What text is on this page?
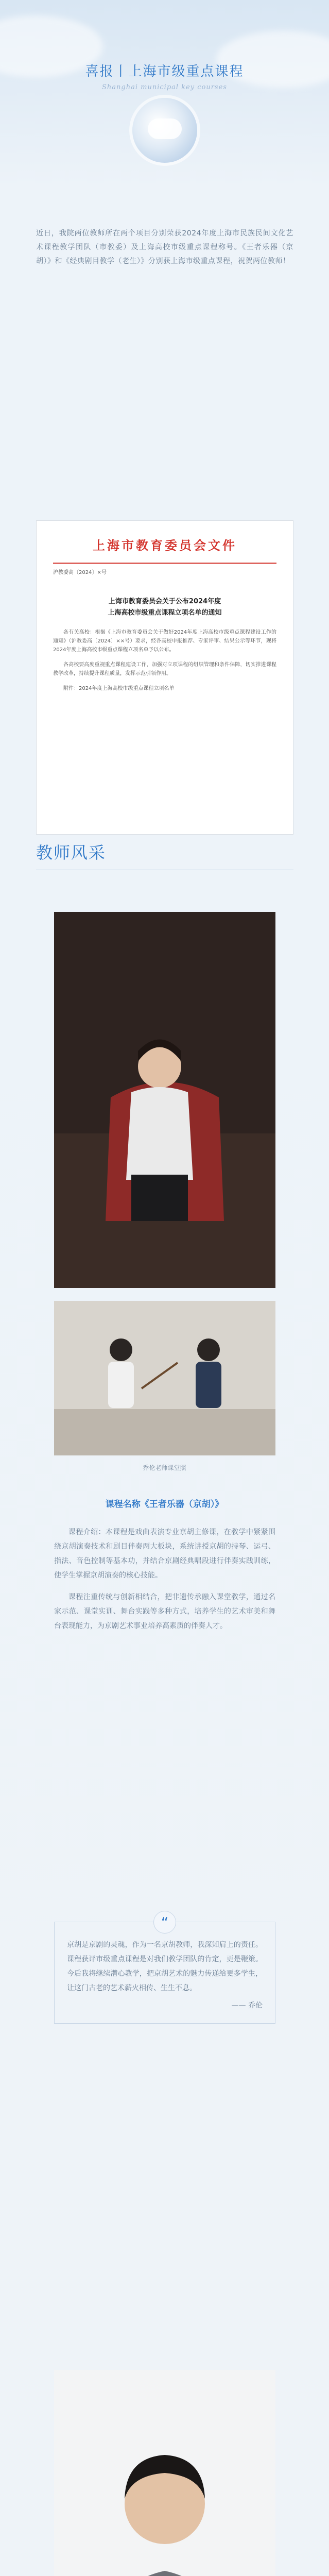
喜报丨上海市级重点课程
Shanghai municipal key courses
近日，我院两位教师所在两个项目分别荣获2024年度上海市民族民间文化艺术课程教学团队（市教委）及上海高校市级重点课程称号。《王者乐器（京胡）》和《经典剧目教学（老生）》分别获上海市级重点课程，祝贺两位教师！
上海市教育委员会文件
沪教委高〔2024〕×号
上海市教育委员会关于公布2024年度
上海高校市级重点课程立项名单的通知

各有关高校：根据《上海市教育委员会关于做好2024年度上海高校市级重点课程建设工作的通知》（沪教委高〔2024〕××号）要求，经各高校申报推荐、专家评审、结果公示等环节，现将2024年度上海高校市级重点课程立项名单予以公布。

各高校要高度重视重点课程建设工作，加强对立项课程的组织管理和条件保障，切实推进课程教学改革，持续提升课程质量，发挥示范引领作用。

附件：2024年度上海高校市级重点课程立项名单

教师风采
乔伦老师课堂照
课程名称《王者乐器（京胡）》

课程介绍：本课程是戏曲表演专业京胡主修课，在教学中紧紧围绕京胡演奏技术和剧目伴奏两大板块，系统讲授京胡的持琴、运弓、指法、音色控制等基本功，并结合京剧经典唱段进行伴奏实践训练，使学生掌握京胡演奏的核心技能。

课程注重传统与创新相结合，把非遗传承融入课堂教学，通过名家示范、课堂实训、舞台实践等多种方式，培养学生的艺术审美和舞台表现能力，为京剧艺术事业培养高素质的伴奏人才。

“
京胡是京剧的灵魂，作为一名京胡教师，我深知肩上的责任。课程获评市级重点课程是对我们教学团队的肯定，更是鞭策。今后我将继续潜心教学，把京胡艺术的魅力传递给更多学生，让这门古老的艺术薪火相传、生生不息。
—— 乔伦
